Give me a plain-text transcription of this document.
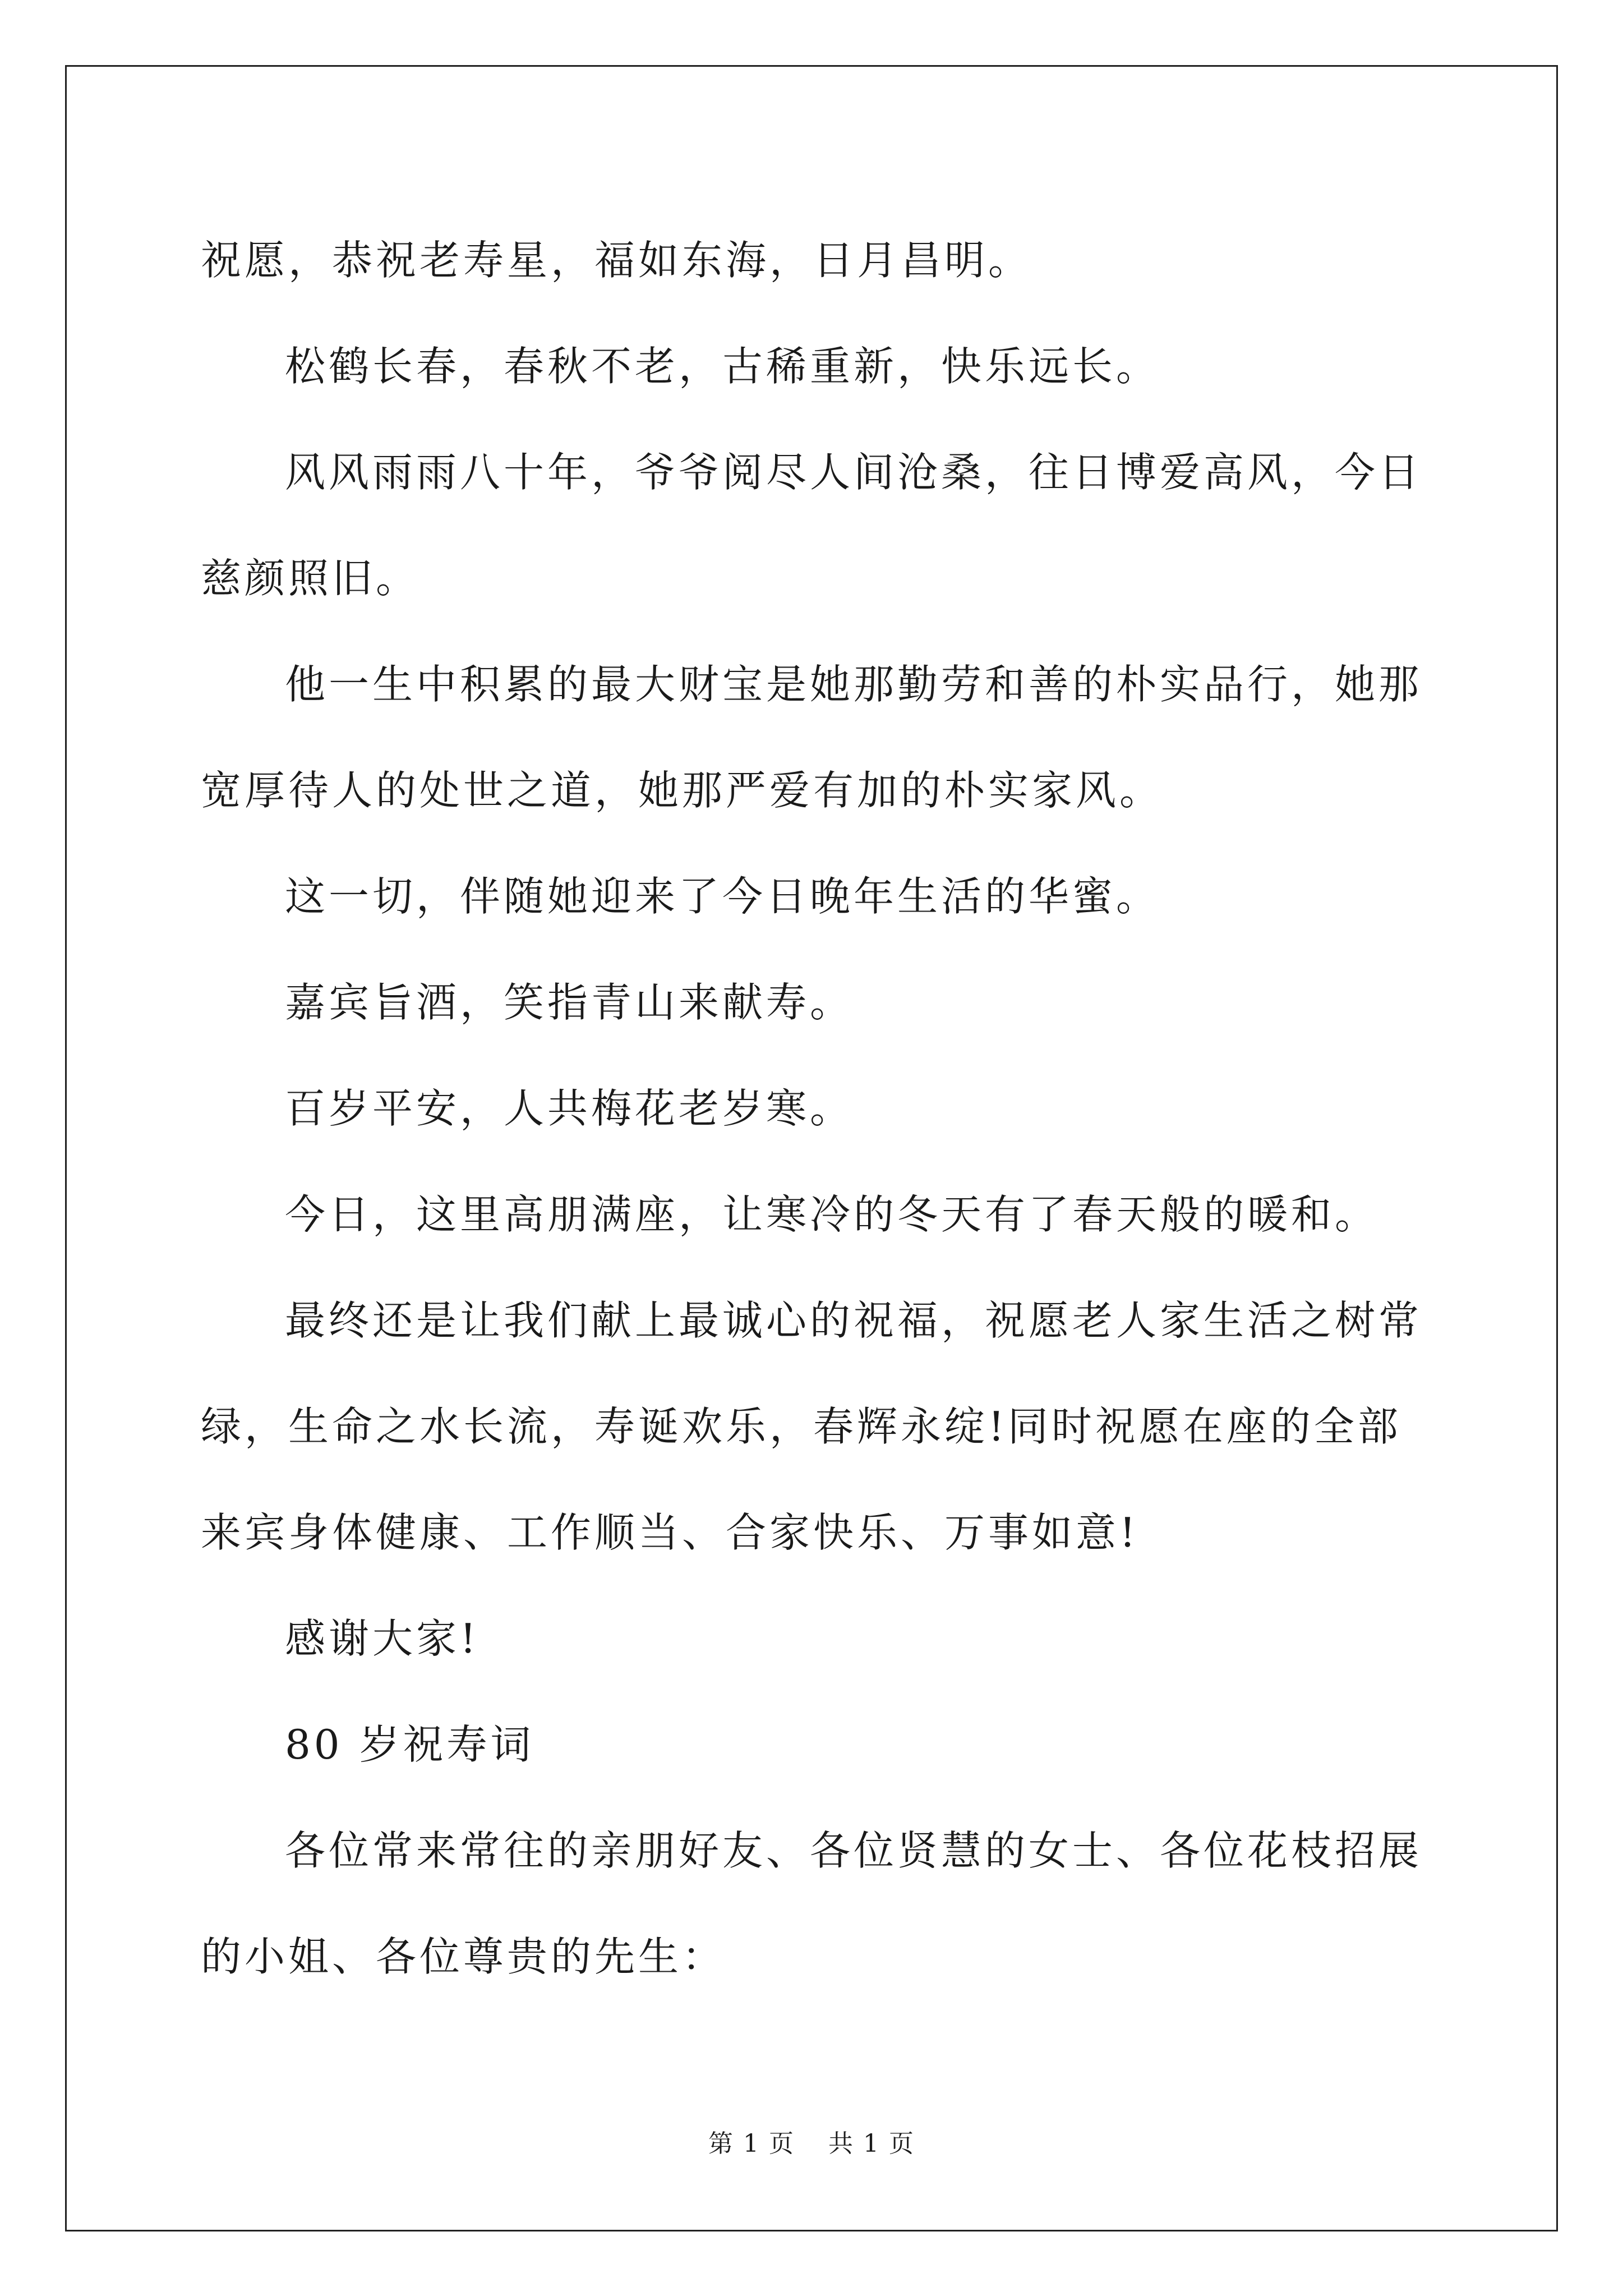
祝愿，恭祝老寿星，福如东海，日月昌明。

松鹤长春，春秋不老，古稀重新，快乐远长。

风风雨雨八十年，爷爷阅尽人间沧桑，往日博爱高风，今日慈颜照旧。

他一生中积累的最大财宝是她那勤劳和善的朴实品行，她那宽厚待人的处世之道，她那严爱有加的朴实家风。

这一切，伴随她迎来了今日晚年生活的华蜜。

嘉宾旨酒，笑指青山来献寿。

百岁平安，人共梅花老岁寒。

今日，这里高朋满座，让寒冷的冬天有了春天般的暖和。

最终还是让我们献上最诚心的祝福，祝愿老人家生活之树常绿，生命之水长流，寿诞欢乐，春辉永绽!同时祝愿在座的全部来宾身体健康、工作顺当、合家快乐、万事如意!

感谢大家!

80 岁祝寿词

各位常来常往的亲朋好友、各位贤慧的女士、各位花枝招展的小姐、各位尊贵的先生：

第 1 页 共 1 页
